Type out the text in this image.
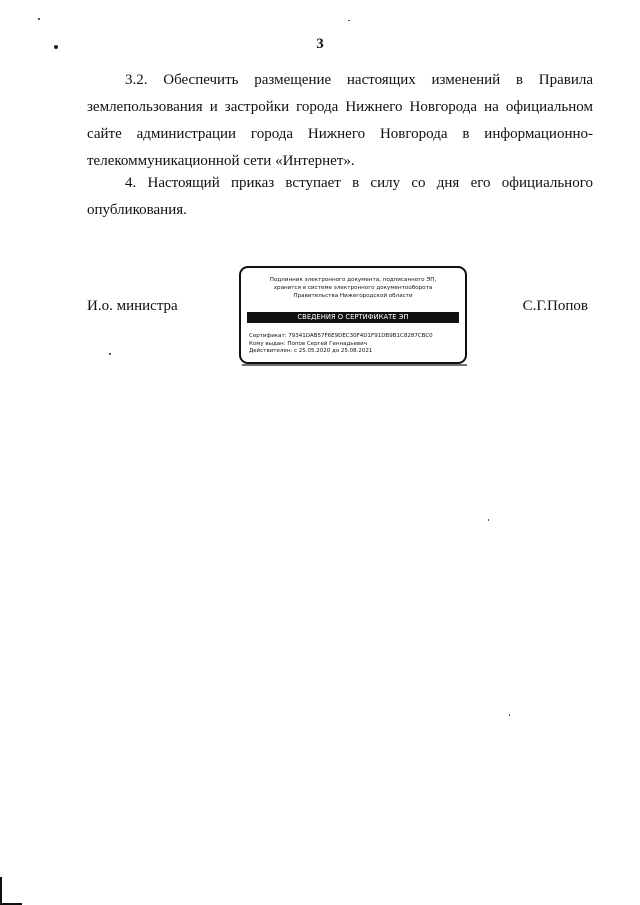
3

3.2. Обеспечить размещение настоящих изменений в Правила землепользования и застройки города Нижнего Новгорода на официальном сайте администрации города Нижнего Новгорода в информационно-телекоммуникационной сети «Интернет».

4. Настоящий приказ вступает в силу со дня его официального опубликования.

И.о. министра
Подлинник электронного документа, подписанного ЭП,
хранится в системе электронного документооборота
Правительства Нижегородской области
СВЕДЕНИЯ О СЕРТИФИКАТЕ ЭП
Сертификат: 79341DAB57F6E9DEC30F4D1F91DB9B1C8287CBC0
Кому выдан: Попов Сергей Геннадьевич
Действителен: с 25.05.2020 до 25.08.2021
С.Г.Попов
